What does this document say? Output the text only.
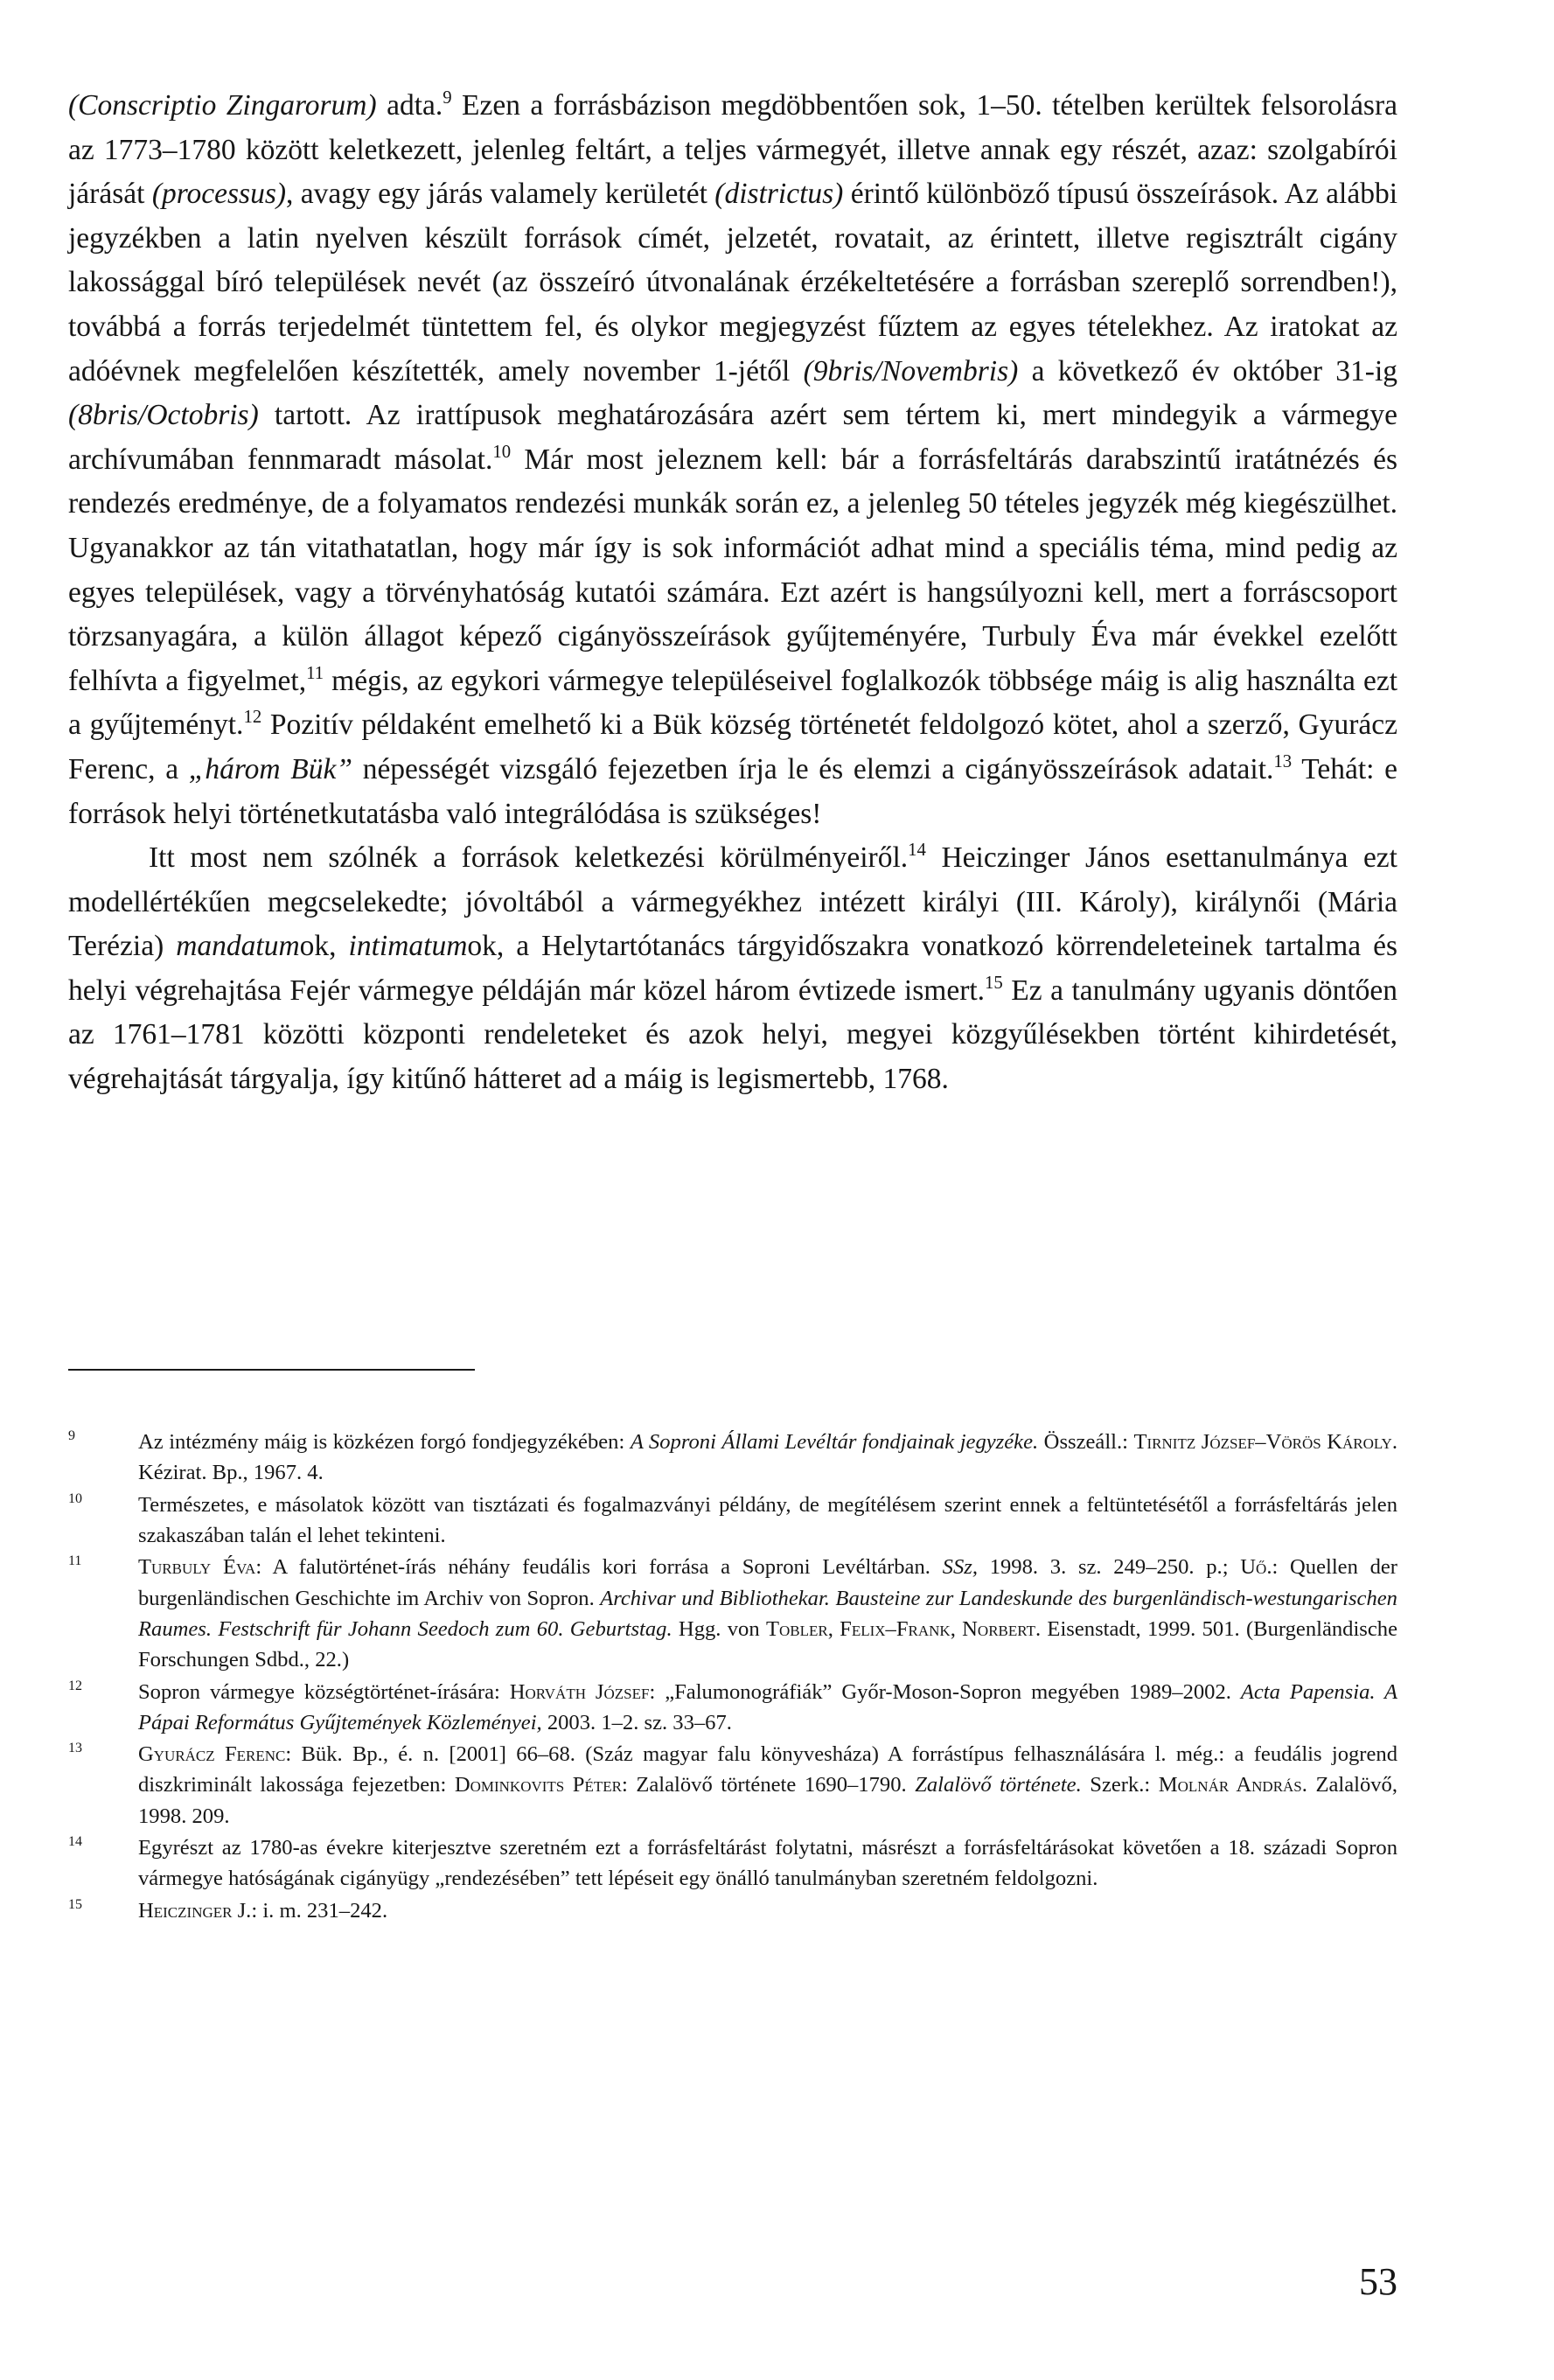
(Conscriptio Zingarorum) adta.$^9$ Ezen a forrásbázison megdöbbentően sok, 1–50. tételben kerültek felsorolásra az 1773–1780 között keletkezett, jelenleg feltárt, a teljes vármegyét, illetve annak egy részét, azaz: szolgabírói járását (processus), avagy egy járás valamely kerületét (districtus) érintő különböző típusú összeírások. Az alábbi jegyzékben a latin nyelven készült források címét, jelzetét, rovatait, az érintett, illetve regisztrált cigány lakossággal bíró települések nevét (az összeíró útvonalának érzékeltetésére a forrásban szereplő sorrendben!), továbbá a forrás terjedelmét tüntettem fel, és olykor megjegyzést fűztem az egyes tételekhez. Az iratokat az adóévnek megfelelően készítették, amely november 1-jétől (9bris/Novembris) a következő év október 31-ig (8bris/Octobris) tartott. Az irattípusok meghatározására azért sem tértem ki, mert mindegyik a vármegye archívumában fennmaradt másolat.$^{10}$ Már most jeleznem kell: bár a forrásfeltárás darabszintű iratátnézés és rendezés eredménye, de a folyamatos rendezési munkák során ez, a jelenleg 50 tételes jegyzék még kiegészülhet. Ugyanakkor az tán vitathatatlan, hogy már így is sok információt adhat mind a speciális téma, mind pedig az egyes települések, vagy a törvényhatóság kutatói számára. Ezt azért is hangsúlyozni kell, mert a forráscsoport törzsanyagára, a külön állagot képező cigányösszeírások gyűjteményére, Turbuly Éva már évekkel ezelőtt felhívta a figyelmet,$^{11}$ mégis, az egykori vármegye településeivel foglalkozók többsége máig is alig használta ezt a gyűjteményt.$^{12}$ Pozitív példaként emelhető ki a Bük község történetét feldolgozó kötet, ahol a szerző, Gyurácz Ferenc, a „három Bük” népességét vizsgáló fejezetben írja le és elemzi a cigányösszeírások adatait.$^{13}$ Tehát: e források helyi történetkutatásba való integrálódása is szükséges!

Itt most nem szólnék a források keletkezési körülményeiről.$^{14}$ Heiczinger János esettanulmánya ezt modellértékűen megcselekedte; jóvoltából a vármegyékhez intézett királyi (III. Károly), királynői (Mária Terézia) mandatumok, intimatumok, a Helytartótanács tárgyidőszakra vonatkozó körrendeleteinek tartalma és helyi végrehajtása Fejér vármegye példáján már közel három évtizede ismert.$^{15}$ Ez a tanulmány ugyanis döntően az 1761–1781 közötti központi rendeleteket és azok helyi, megyei közgyűlésekben történt kihirdetését, végrehajtását tárgyalja, így kitűnő hátteret ad a máig is legismertebb, 1768.

9	Az intézmény máig is közkézen forgó fondjegyzékében: A Soproni Állami Levéltár fondjainak jegyzéke. Összeáll.: Tirnitz József–Vörös Károly. Kézirat. Bp., 1967. 4.
10	Természetes, e másolatok között van tisztázati és fogalmazványi példány, de megítélésem szerint ennek a feltüntetésétől a forrásfeltárás jelen szakaszában talán el lehet tekinteni.
11	Turbuly Éva: A falutörténet-írás néhány feudális kori forrása a Soproni Levéltárban. SSz, 1998. 3. sz. 249–250. p.; Uő.: Quellen der burgenländischen Geschichte im Archiv von Sopron. Archivar und Bibliothekar. Bausteine zur Landeskunde des burgenländisch-westungarischen Raumes. Festschrift für Johann Seedoch zum 60. Geburtstag. Hgg. von Tobler, Felix–Frank, Norbert. Eisenstadt, 1999. 501. (Burgenländische Forschungen Sdbd., 22.)
12	Sopron vármegye községtörténet-írására: Horváth József: „Falumonográfiák” Győr-Moson-Sopron megyében 1989–2002. Acta Papensia. A Pápai Református Gyűjtemények Közleményei, 2003. 1–2. sz. 33–67.
13	Gyurácz Ferenc: Bük. Bp., é. n. [2001] 66–68. (Száz magyar falu könyvesháza) A forrástípus felhasználására l. még.: a feudális jogrend diszkriminált lakossága fejezetben: Dominkovits Péter: Zalalövő története 1690–1790. Zalalövő története. Szerk.: Molnár András. Zalalövő, 1998. 209.
14	Egyrészt az 1780-as évekre kiterjesztve szeretném ezt a forrásfeltárást folytatni, másrészt a forrásfeltárásokat követően a 18. századi Sopron vármegye hatóságának cigányügy „rendezésében” tett lépéseit egy önálló tanulmányban szeretném feldolgozni.
15	Heiczinger J.: i. m. 231–242.
53
